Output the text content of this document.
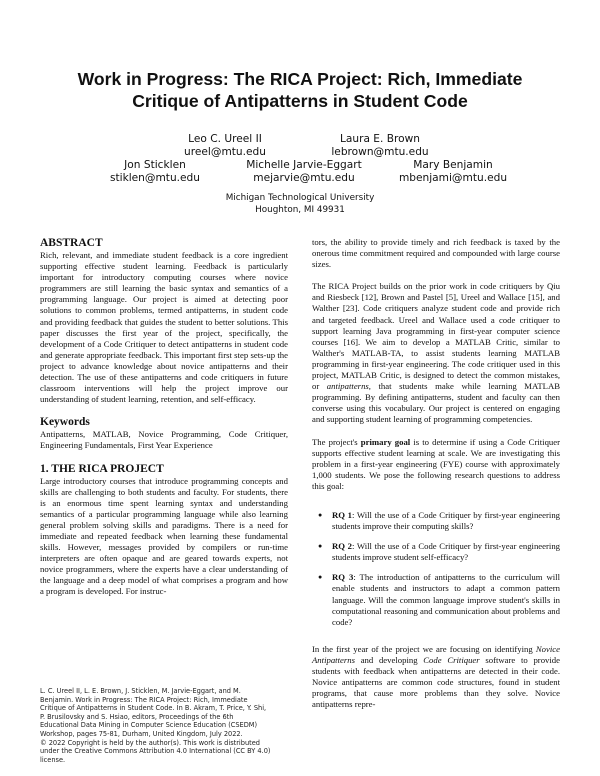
Work in Progress: The RICA Project: Rich, Immediate
Critique of Antipatterns in Student Code
Leo C. Ureel II
ureel@mtu.edu
Laura E. Brown
lebrown@mtu.edu
Jon Sticklen
stiklen@mtu.edu
Michelle Jarvie-Eggart
mejarvie@mtu.edu
Mary Benjamin
mbenjami@mtu.edu
Michigan Technological University
Houghton, MI 49931
ABSTRACT
Rich, relevant, and immediate student feedback is a core ingredient supporting effective student learning. Feedback is particularly important for introductory computing courses where novice programmers are still learning the basic syntax and semantics of a programming language. Our project is aimed at detecting poor solutions to common problems, termed antipatterns, in student code and providing feedback that guides the student to better solutions. This paper discusses the first year of the project, specifically, the development of a Code Critiquer to detect antipatterns in student code and generate appropriate feedback. This important first step sets-up the project to advance knowledge about novice antipatterns and their detection. The use of these antipatterns and code critiquers in future classroom interventions will help the project improve our understanding of student learning, retention, and self-efficacy.
Keywords
Antipatterns, MATLAB, Novice Programming, Code Critiquer, Engineering Fundamentals, First Year Experience
1. THE RICA PROJECT
Large introductory courses that introduce programming concepts and skills are challenging to both students and faculty. For students, there is an enormous time spent learning syntax and understanding semantics of a particular programming language while also learning general problem solving skills and paradigms. There is a need for immediate and repeated feedback when learning these fundamental skills. However, messages provided by compilers or run-time interpreters are often opaque and are geared towards experts, not novice programmers, where the experts have a clear understanding of the language and a deep model of what comprises a program and how a program is developed. For instruc-
L. C. Ureel II, L. E. Brown, J. Sticklen, M. Jarvie-Eggart, and M.
Benjamin. Work in Progress: The RICA Project: Rich, Immediate
Critique of Antipatterns in Student Code. In B. Akram, T. Price, Y. Shi,
P. Brusilovsky and S. Hsiao, editors, Proceedings of the 6th
Educational Data Mining in Computer Science Education (CSEDM)
Workshop, pages 75-81, Durham, United Kingdom, July 2022.
© 2022 Copyright is held by the author(s). This work is distributed
under the Creative Commons Attribution 4.0 International (CC BY 4.0)
license.
tors, the ability to provide timely and rich feedback is taxed by the onerous time commitment required and compounded with large course sizes.
The RICA Project builds on the prior work in code critiquers by Qiu and Riesbeck [12], Brown and Pastel [5], Ureel and Wallace [15], and Walther [23]. Code critiquers analyze student code and provide rich and targeted feedback. Ureel and Wallace used a code critiquer to support learning Java programming in first-year computer science courses [16]. We aim to develop a MATLAB Critic, similar to Walther's MATLAB-TA, to assist students learning MATLAB programming in first-year engineering. The code critiquer used in this project, MATLAB Critic, is designed to detect the common mistakes, or antipatterns, that students make while learning MATLAB programming. By defining antipatterns, student and faculty can then converse using this vocabulary. Our project is centered on engaging and supporting student learning of programming competencies.
The project's primary goal is to determine if using a Code Critiquer supports effective student learning at scale. We are investigating this problem in a first-year engineering (FYE) course with approximately 1,000 students. We pose the following research questions to address this goal:
● RQ 1: Will the use of a Code Critiquer by first-year engineering students improve their computing skills?
● RQ 2: Will the use of a Code Critiquer by first-year engineering students improve student self-efficacy?
● RQ 3: The introduction of antipatterns to the curriculum will enable students and instructors to adapt a common pattern language. Will the common language improve student's skills in computational reasoning and communication about problems and code?
In the first year of the project we are focusing on identifying Novice Antipatterns and developing Code Critiquer software to provide students with feedback when antipatterns are detected in their code. Novice antipatterns are common code structures, found in student programs, that cause more problems than they solve. Novice antipatterns repre-
